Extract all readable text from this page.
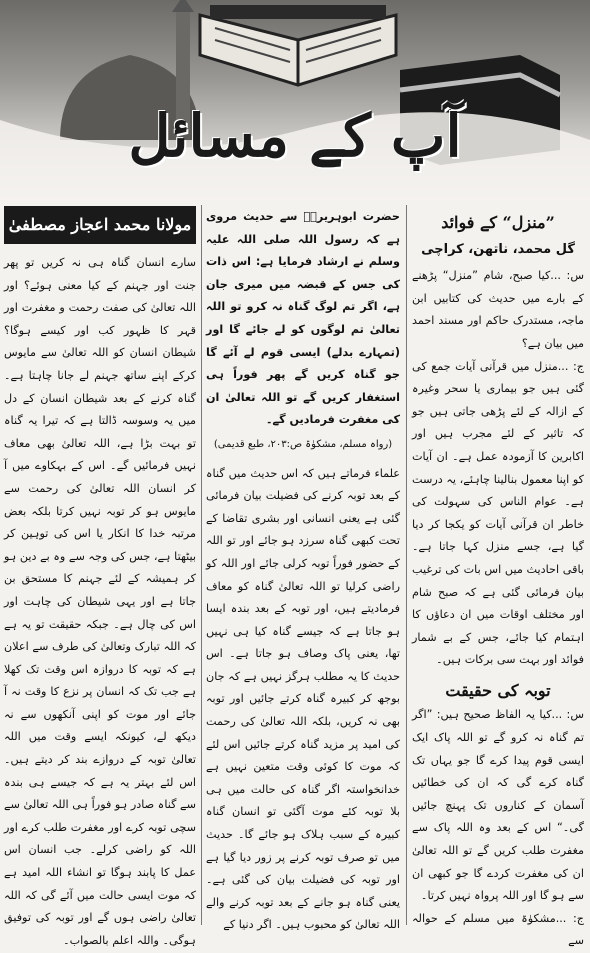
آپ کے مسائل
”منزل“ کے فوائد
گل محمد، ناتھن، کراچی

س: ...کیا صبح، شام ”منزل“ پڑھنے کے بارے میں حدیث کی کتابیں ابن ماجہ، مستدرک حاکم اور مسند احمد میں بیان ہے؟

ج: ...منزل میں قرآنی آیات جمع کی گئی ہیں جو بیماری یا سحر وغیرہ کے ازالہ کے لئے پڑھی جاتی ہیں جو کہ تاثیر کے لئے مجرب ہیں اور اکابرین کا آزمودہ عمل ہے۔ ان آیات کو اپنا معمول بنالینا چاہئے، یہ درست ہے۔ عوام الناس کی سہولت کی خاطر ان قرآنی آیات کو یکجا کر دیا گیا ہے، جسے منزل کہا جاتا ہے۔ باقی احادیث میں اس بات کی ترغیب بیان فرمائی گئی ہے کہ صبح شام اور مختلف اوقات میں ان دعاؤں کا اہتمام کیا جائے، جس کے بے شمار فوائد اور بہت سی برکات ہیں۔

توبہ کی حقیقت

س: ...کیا یہ الفاظ صحیح ہیں: ”اگر تم گناہ نہ کرو گے تو اللہ پاک ایک ایسی قوم پیدا کرے گا جو یہاں تک گناہ کرے گی کہ ان کی خطائیں آسمان کے کناروں تک پہنچ جائیں گی۔“ اس کے بعد وہ اللہ پاک سے مغفرت طلب کریں گے تو اللہ تعالیٰ ان کی مغفرت کردے گا جو کبھی ان سے ہو گا اور اللہ پرواہ نہیں کرتا۔

ج: ...مشکوٰۃ میں مسلم کے حوالہ سے

حضرت ابوہریرہؓ سے حدیث مروی ہے کہ رسول اللہ صلی اللہ علیہ وسلم نے ارشاد فرمایا ہے: اس ذات کی جس کے قبضہ میں میری جان ہے، اگر تم لوگ گناہ نہ کرو تو اللہ تعالیٰ تم لوگوں کو لے جائے گا اور (تمہارے بدلے) ایسی قوم لے آئے گا جو گناہ کریں گے پھر فوراً ہی استغفار کریں گے تو اللہ تعالیٰ ان کی مغفرت فرمادیں گے۔

(رواہ مسلم، مشکوٰۃ ص:۲۰۳، طبع قدیمی)

علماء فرماتے ہیں کہ اس حدیث میں گناہ کے بعد توبہ کرنے کی فضیلت بیان فرمائی گئی ہے یعنی انسانی اور بشری تقاضا کے تحت کبھی گناہ سرزد ہو جائے اور تو اللہ کے حضور فوراً توبہ کرلی جائے اور اللہ کو راضی کرلیا تو اللہ تعالیٰ گناہ کو معاف فرمادیتے ہیں، اور توبہ کے بعد بندہ ایسا ہو جاتا ہے کہ جیسے گناہ کیا ہی نہیں تھا، یعنی پاک وصاف ہو جاتا ہے۔ اس حدیث کا یہ مطلب ہرگز نہیں ہے کہ جان بوجھ کر کبیرہ گناہ کرتے جائیں اور توبہ بھی نہ کریں، بلکہ اللہ تعالیٰ کی رحمت کی امید پر مزید گناہ کرتے جائیں اس لئے کہ موت کا کوئی وقت متعین نہیں ہے خدانخواستہ اگر گناہ کی حالت میں ہی بلا توبہ کئے موت آگئی تو انسان گناہ کبیرہ کے سبب ہلاک ہو جائے گا۔ حدیث میں تو صرف توبہ کرنے پر زور دیا گیا ہے اور توبہ کی فضیلت بیان کی گئی ہے۔ یعنی گناہ ہو جانے کے بعد توبہ کرنے والے اللہ تعالیٰ کو محبوب ہیں۔ اگر دنیا کے

مولانا محمد اعجاز مصطفیٰ

سارے انسان گناہ ہی نہ کریں تو پھر جنت اور جہنم کے کیا معنی ہوئے؟ اور اللہ تعالیٰ کی صفت رحمت و مغفرت اور قہر کا ظہور کب اور کیسے ہوگا؟ شیطان انسان کو اللہ تعالیٰ سے مایوس کرکے اپنے ساتھ جہنم لے جانا چاہتا ہے۔ گناہ کرنے کے بعد شیطان انسان کے دل میں یہ وسوسہ ڈالتا ہے کہ تیرا یہ گناہ تو بہت بڑا ہے، اللہ تعالیٰ بھی معاف نہیں فرمائیں گے۔ اس کے بہکاوے میں آ کر انسان اللہ تعالیٰ کی رحمت سے مایوس ہو کر توبہ نہیں کرتا بلکہ بعض مرتبہ خدا کا انکار یا اس کی توہین کر بیٹھتا ہے، جس کی وجہ سے وہ بے دین ہو کر ہمیشہ کے لئے جہنم کا مستحق بن جاتا ہے اور یہی شیطان کی چاہت اور اس کی چال ہے۔ جبکہ حقیقت تو یہ ہے کہ اللہ تبارک وتعالیٰ کی طرف سے اعلان ہے کہ توبہ کا دروازہ اس وقت تک کھلا ہے جب تک کہ انسان پر نزع کا وقت نہ آ جائے اور موت کو اپنی آنکھوں سے نہ دیکھ لے، کیونکہ ایسے وقت میں اللہ تعالیٰ توبہ کے دروازے بند کر دیتے ہیں۔ اس لئے بہتر یہ ہے کہ جیسے ہی بندہ سے گناہ صادر ہو فوراً ہی اللہ تعالیٰ سے سچی توبہ کرے اور مغفرت طلب کرے اور اللہ کو راضی کرلے۔ جب انسان اس عمل کا پابند ہوگا تو انشاء اللہ امید ہے کہ موت ایسی حالت میں آئے گی کہ اللہ تعالیٰ راضی ہوں گے اور توبہ کی توفیق ہوگی۔ واللہ اعلم بالصواب۔
